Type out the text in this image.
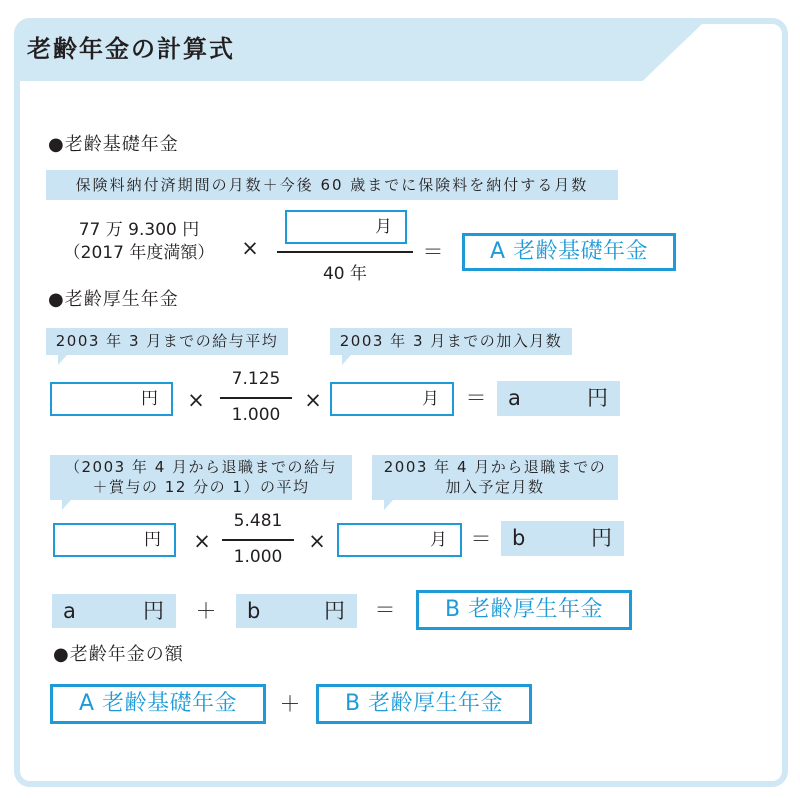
老齢年金の計算式
●老齢基礎年金
保険料納付済期間の月数＋今後 60 歳までに保険料を納付する月数
77 万 9.300 円
（2017 年度満額） ×
月
40 年
＝	A 老齢基礎年金
●老齢厚生年金
2003 年 3 月までの給与平均	2003 年 3 月までの加入月数
円 ×
7.125
1.000
×	月 ＝ a	円
（2003 年 4 月から退職までの給与
＋賞与の 12 分の 1）の平均
2003 年 4 月から退職までの
加入予定月数
円 ×
5.481
1.000
×	月 ＝ b	円
a	円 ＋ b	円 ＝	B 老齢厚生年金
●老齢年金の額
A 老齢基礎年金	＋	B 老齢厚生年金
